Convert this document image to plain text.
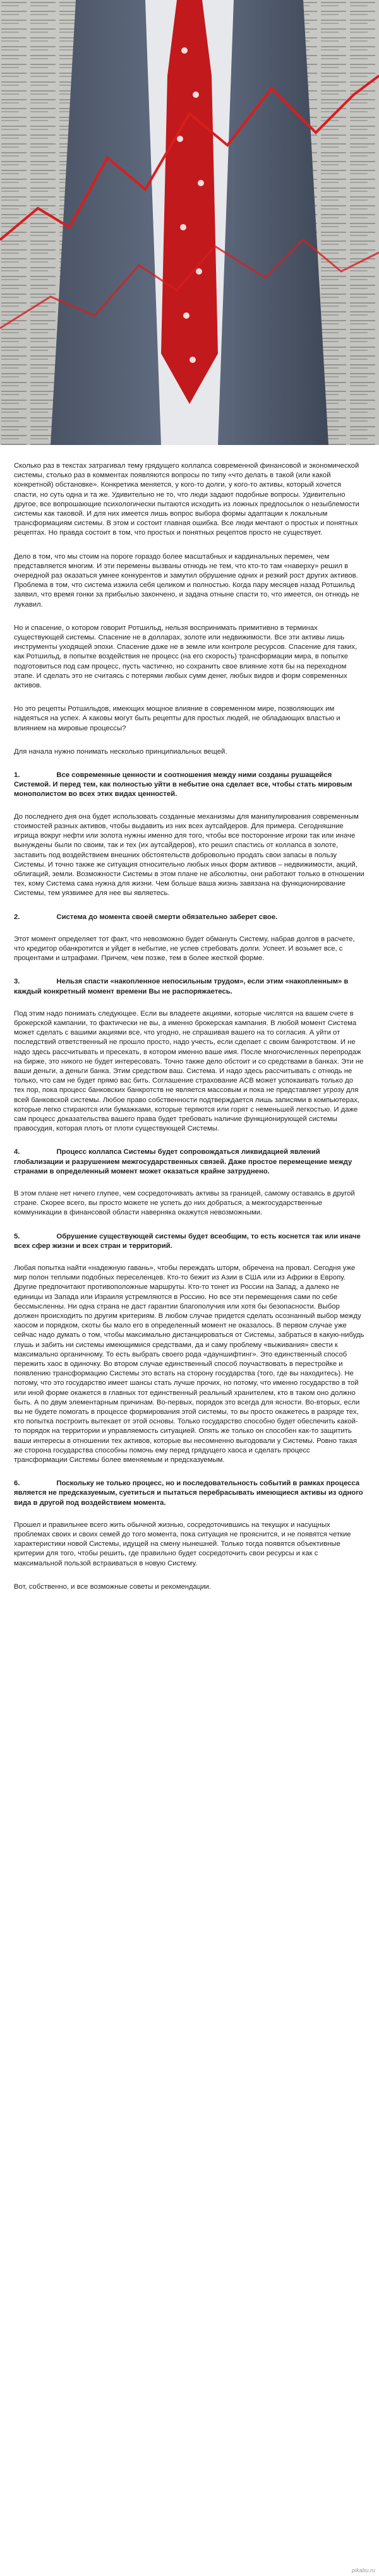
Сколько раз в текстах затрагивал тему грядущего коллапса современной финансовой и экономической системы, столько раз в комментах появляются вопросы по типу «что делать в такой (или какой конкретной) обстановке». Конкретика меняется, у кого-то долги, у кого-то активы, который хочется спасти, но суть одна и та же. Удивительно не то, что люди задают подобные вопросы. Удивительно другое, все вопрошающие психологически пытаются исходить из ложных предпосылок о незыблемости системы как таковой. И для них имеется лишь вопрос выбора формы адаптации к локальным трансформациям системы. В этом и состоит главная ошибка. Все люди мечтают о простых и понятных рецептах. Но правда состоит в том, что простых и понятных рецептов просто не существует.

Дело в том, что мы стоим на пороге гораздо более масштабных и кардинальных перемен, чем представляется многим. И эти перемены вызваны отнюдь не тем, что кто-то там «наверху» решил в очередной раз оказаться умнее конкурентов и замутил обрушение одних и резкий рост других активов. Проблема в том, что система изжила себя целиком и полностью. Когда пару месяцев назад Ротшильд заявил, что время гонки за прибылью закончено, и задача отныне спасти то, что имеется, он отнюдь не лукавил.

Но и спасение, о котором говорит Ротшильд, нельзя воспринимать примитивно в терминах существующей системы. Спасение не в долларах, золоте или недвижимости. Все эти активы лишь инструменты уходящей эпохи. Спасение даже не в земле или контроле ресурсов. Спасение для таких, как Ротшильд, в попытке воздействия не процесс (на его скорость) трансформации мира, в попытке подготовиться под сам процесс, пусть частично, но сохранить свое влияние хотя бы на переходном этапе. И сделать это не считаясь с потерями любых сумм денег, любых видов и форм современных активов.

Но это рецепты Ротшильдов, имеющих мощное влияние в современном мире, позволяющих им надеяться на успех. А каковы могут быть рецепты для простых людей, не обладающих властью и влиянием на мировые процессы?

Для начала нужно понимать несколько принципиальных вещей.

1.	Все современные ценности и соотношения между ними созданы рушащейся Системой. И перед тем, как полностью уйти в небытие она сделает все, чтобы стать мировым монополистом во всех этих видах ценностей.

До последнего дня она будет использовать созданные механизмы для манипулирования современным стоимостей разных активов, чтобы выдавить из них всех аутсайдеров. Для примера. Сегодняшние игрища вокруг нефти или золота нужны именно для того, чтобы все посторонние игроки так или иначе вынуждены были по своим, так и тех (их аутсайдеров), кто решил спастись от коллапса в золоте, заставить под воздействием внешних обстоятельств добровольно продать свои запасы в пользу Системы. И точно также же ситуация относительно любых иных форм активов – недвижимости, акций, облигаций, земли. Возможности Системы в этом плане не абсолютны, они работают только в отношении тех, кому Система сама нужна для жизни. Чем больше ваша жизнь завязана на функционирование Системы, тем уязвимее для нее вы являетесь.

2.	Система до момента своей смерти обязательно заберет свое.

Этот момент определяет тот факт, что невозможно будет обмануть Систему, набрав долгов в расчете, что кредитор обанкротится и уйдет в небытие, не успев стребовать долги. Успеет. И возьмет все, с процентами и штрафами. Причем, чем позже, тем в более жесткой форме.

3.	Нельзя спасти «накопленное непосильным трудом», если этим «накопленным» в каждый конкретный момент времени Вы не распоряжаетесь.

Под этим надо понимать следующее. Если вы владеете акциями, которые числятся на вашем счете в брокерской кампании, то фактически не вы, а именно брокерская кампания. В любой момент Система может сделать с вашими акциями все, что угодно, не спрашивая вашего на то согласия. А уйти от последствий ответственный не прошло просто, надо учесть, если сделает с своим банкротством. И не надо здесь рассчитывать и пресекать, в котором именно ваше имя. После многочисленных перепродаж на бирже, это никого не будет интересовать. Точно также дело обстоит и со средствами в банках. Эти не ваши деньги, а деньги банка. Этим средством ваш. Система. И надо здесь рассчитывать с отнюдь не только, что сам не будет прямо вас бить. Соглашение страхование АСВ может успокаивать только до тех пор, пока процесс банковских банкротств не является массовым и пока не представляет угрозу для всей банковской системы. Любое право собственности подтверждается лишь записями в компьютерах, которые легко стираются или бумажками, которые теряются или горят с неменьшей легкостью. И даже сам процесс доказательства вашего права будет требовать наличие функционирующей системы правосудия, которая плоть от плоти существующей Системы.

4.	Процесс коллапса Системы будет сопровождаться ликвидацией явлений глобализации и разрушением межгосударственных связей. Даже простое перемещение между странами в определенный момент может оказаться крайне затруднено.

В этом плане нет ничего глупее, чем сосредоточивать активы за границей, самому оставаясь в другой стране. Скорее всего, вы просто можете не успеть до них добраться, а межгосударственные коммуникации в финансовой области наверняка окажутся невозможными.

5.	Обрушение существующей системы будет всеобщим, то есть коснется так или иначе всех сфер жизни и всех стран и территорий.

Любая попытка найти «надежную гавань», чтобы переждать шторм, обречена на провал. Сегодня уже мир полон теплыми подобных переселенцев. Кто-то бежит из Азии в США или из Африки в Европу. Другие предпочитают противоположные маршруты. Кто-то тонет из России на Запад, а далеко не единицы из Запада или Израиля устремляются в Россию. Но все эти перемещения сами по себе бессмысленны. Ни одна страна не даст гарантии благополучия или хотя бы безопасности. Выбор должен происходить по другим критериям. В любом случае придется сделать осознанный выбор между хаосом и порядком, скоты бы мало его в определенный момент не оказалось. В первом случае уже сейчас надо думать о том, чтобы максимально дистанцироваться от Системы, забраться в какую-нибудь глушь и забить ни системы имеющимися средствами, да и саму проблему «выживания» свести к максимально органичному. То есть выбрать своего рода «дауншифтинг». Это единственный способ пережить хаос в одиночку. Во втором случае единственный способ поучаствовать в перестройке и появлению трансформацию Системы это встать на сторону государства (того, где вы находитесь). Не потому, что это государство имеет шансы стать лучше прочих, но потому, что именно государство в той или иной форме окажется в главных тот единственный реальный хранителем, кто в таком оно должно быть. А по двум элементарным причинам. Во-первых, порядок это всегда для ясности. Во-вторых, если вы не будете помогать в процессе формирования этой системы, то вы просто окажетесь в разряде тех, кто попытка построить вытекает от этой основы. Только государство способно будет обеспечить какой-то порядок на территории и управляемость ситуацией. Опять же только он способен как-то защитить ваши интересы в отношении тех активов, которые вы несомненно выгодовали у Системы. Ровно такая же сторона государства способны помочь ему перед грядущего хаоса и сделать процесс трансформации Системы более вменяемым и предсказуемым.

6.	Поскольку не только процесс, но и последовательность событий в рамках процесса является не предсказуемым, суетиться и пытаться перебрасывать имеющиеся активы из одного вида в другой под воздействием момента.

Прошел и правильнее всего жить обычной жизнью, сосредоточившись на текущих и насущных проблемах своих и своих семей до того момента, пока ситуация не прояснится, и не появятся четкие характеристики новой Системы, идущей на смену нынешней. Только тогда появятся объективные критерии для того, чтобы решить, где правильно будет сосредоточить свои ресурсы и как с максимальной пользой встраиваться в новую Систему.

Вот, собственно, и все возможные советы и рекомендации.

pikabu.ru
